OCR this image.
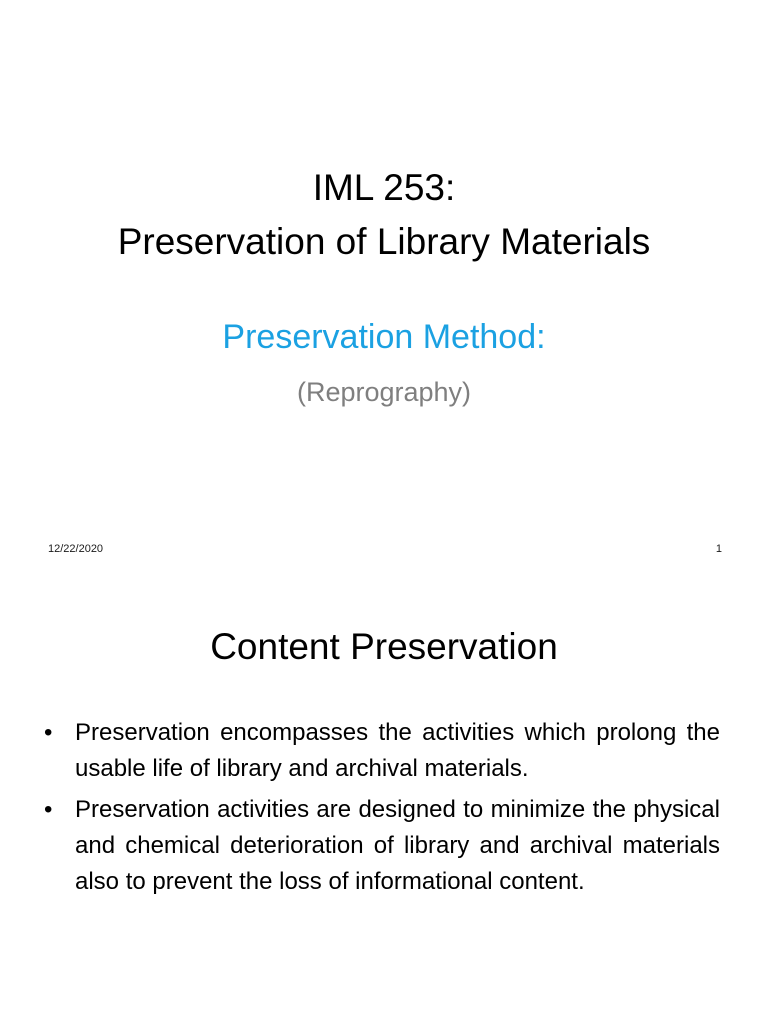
IML 253:
Preservation of Library Materials
Preservation Method:
(Reprography)
12/22/2020	1
Content Preservation
• Preservation encompasses the activities which prolong the usable life of library and archival materials.
• Preservation activities are designed to minimize the physical and chemical deterioration of library and archival materials also to prevent the loss of informational content.
